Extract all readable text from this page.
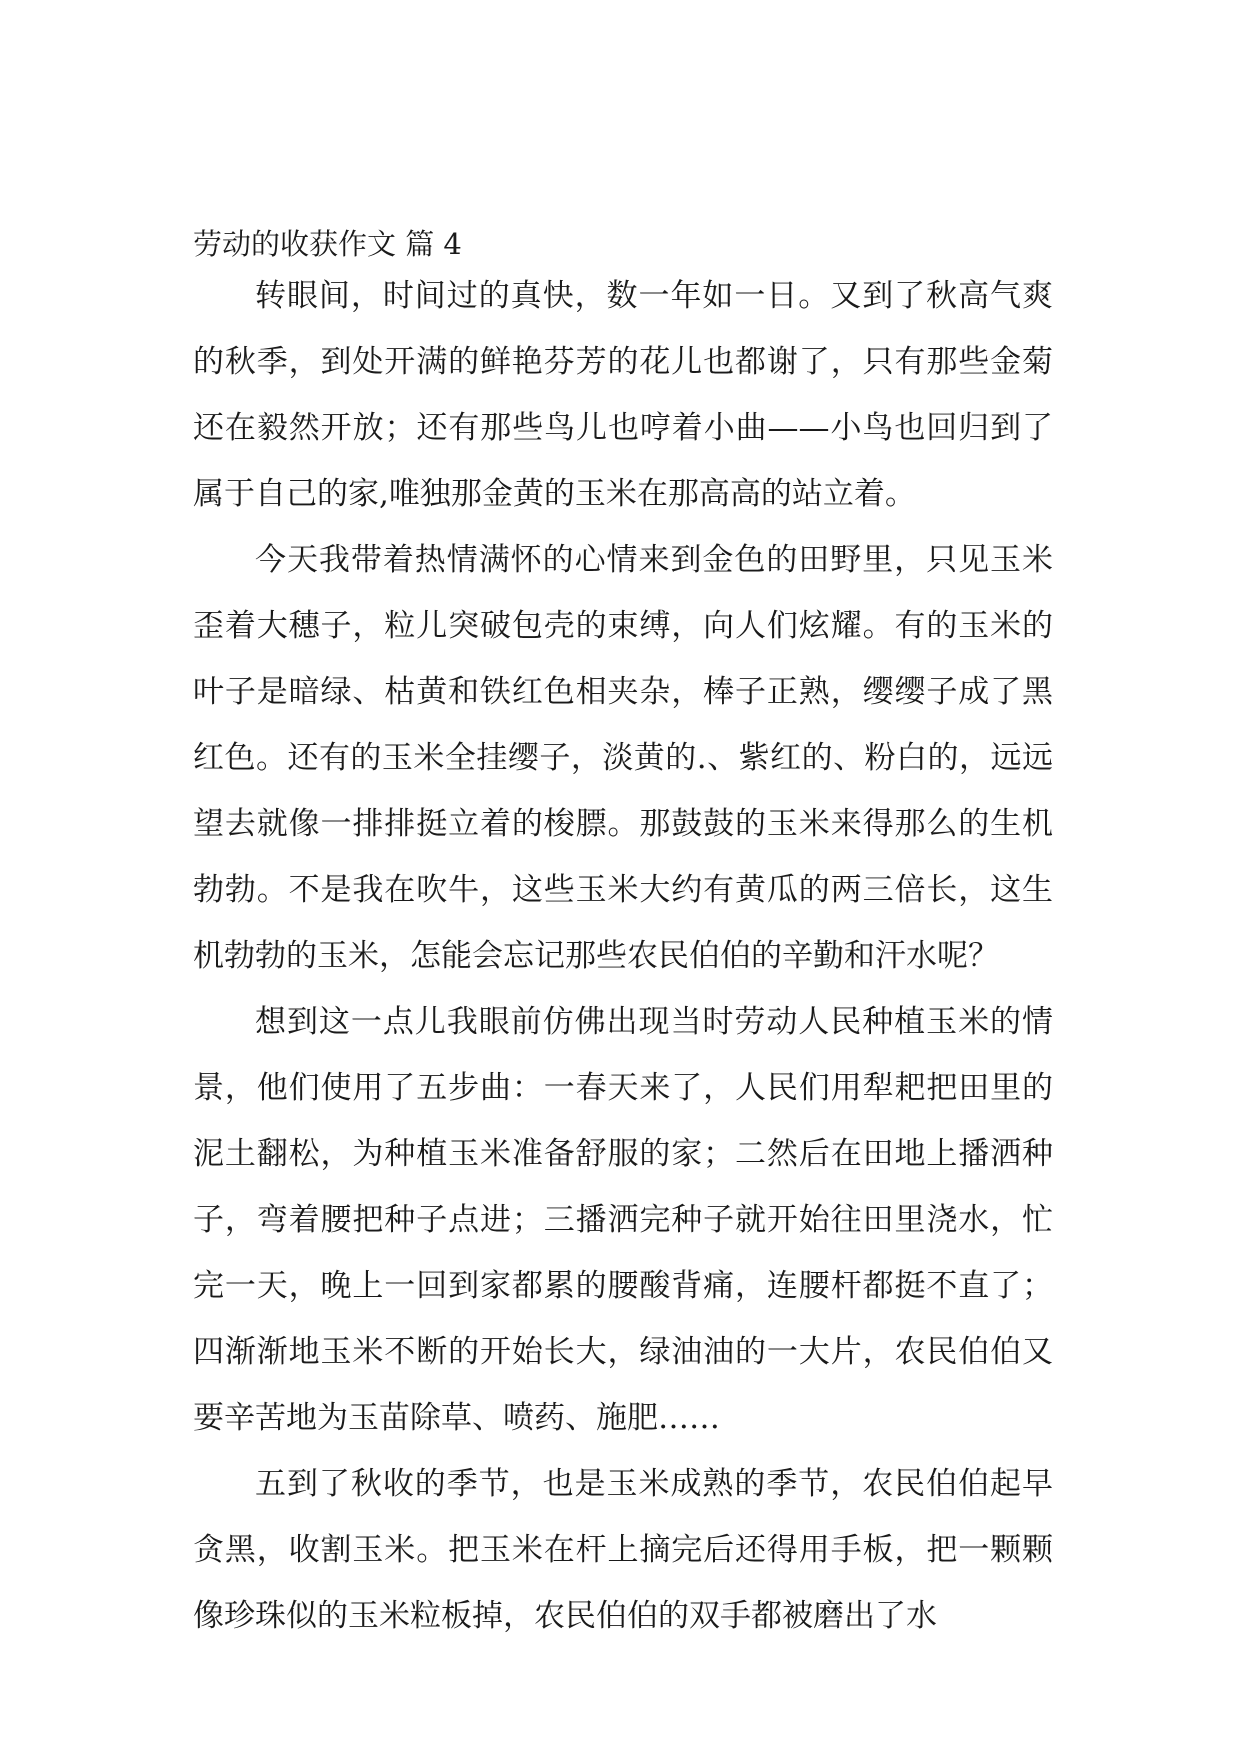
劳动的收获作文 篇 4

转眼间，时间过的真快，数一年如一日。又到了秋高气爽的秋季，到处开满的鲜艳芬芳的花儿也都谢了，只有那些金菊还在毅然开放；还有那些鸟儿也哼着小曲——小鸟也回归到了属于自己的家,唯独那金黄的玉米在那高高的站立着。

今天我带着热情满怀的心情来到金色的田野里，只见玉米歪着大穗子，粒儿突破包壳的束缚，向人们炫耀。有的玉米的叶子是暗绿、枯黄和铁红色相夹杂，棒子正熟，缨缨子成了黑红色。还有的玉米全挂缨子，淡黄的.、紫红的、粉白的，远远望去就像一排排挺立着的梭膘。那鼓鼓的玉米来得那么的生机勃勃。不是我在吹牛，这些玉米大约有黄瓜的两三倍长，这生机勃勃的玉米，怎能会忘记那些农民伯伯的辛勤和汗水呢？

想到这一点儿我眼前仿佛出现当时劳动人民种植玉米的情景，他们使用了五步曲：一春天来了，人民们用犁耙把田里的泥土翻松，为种植玉米准备舒服的家；二然后在田地上播洒种子，弯着腰把种子点进；三播洒完种子就开始往田里浇水，忙完一天，晚上一回到家都累的腰酸背痛，连腰杆都挺不直了；四渐渐地玉米不断的开始长大，绿油油的一大片，农民伯伯又要辛苦地为玉苗除草、喷药、施肥……

五到了秋收的季节，也是玉米成熟的季节，农民伯伯起早贪黑，收割玉米。把玉米在杆上摘完后还得用手板，把一颗颗像珍珠似的玉米粒板掉，农民伯伯的双手都被磨出了水
